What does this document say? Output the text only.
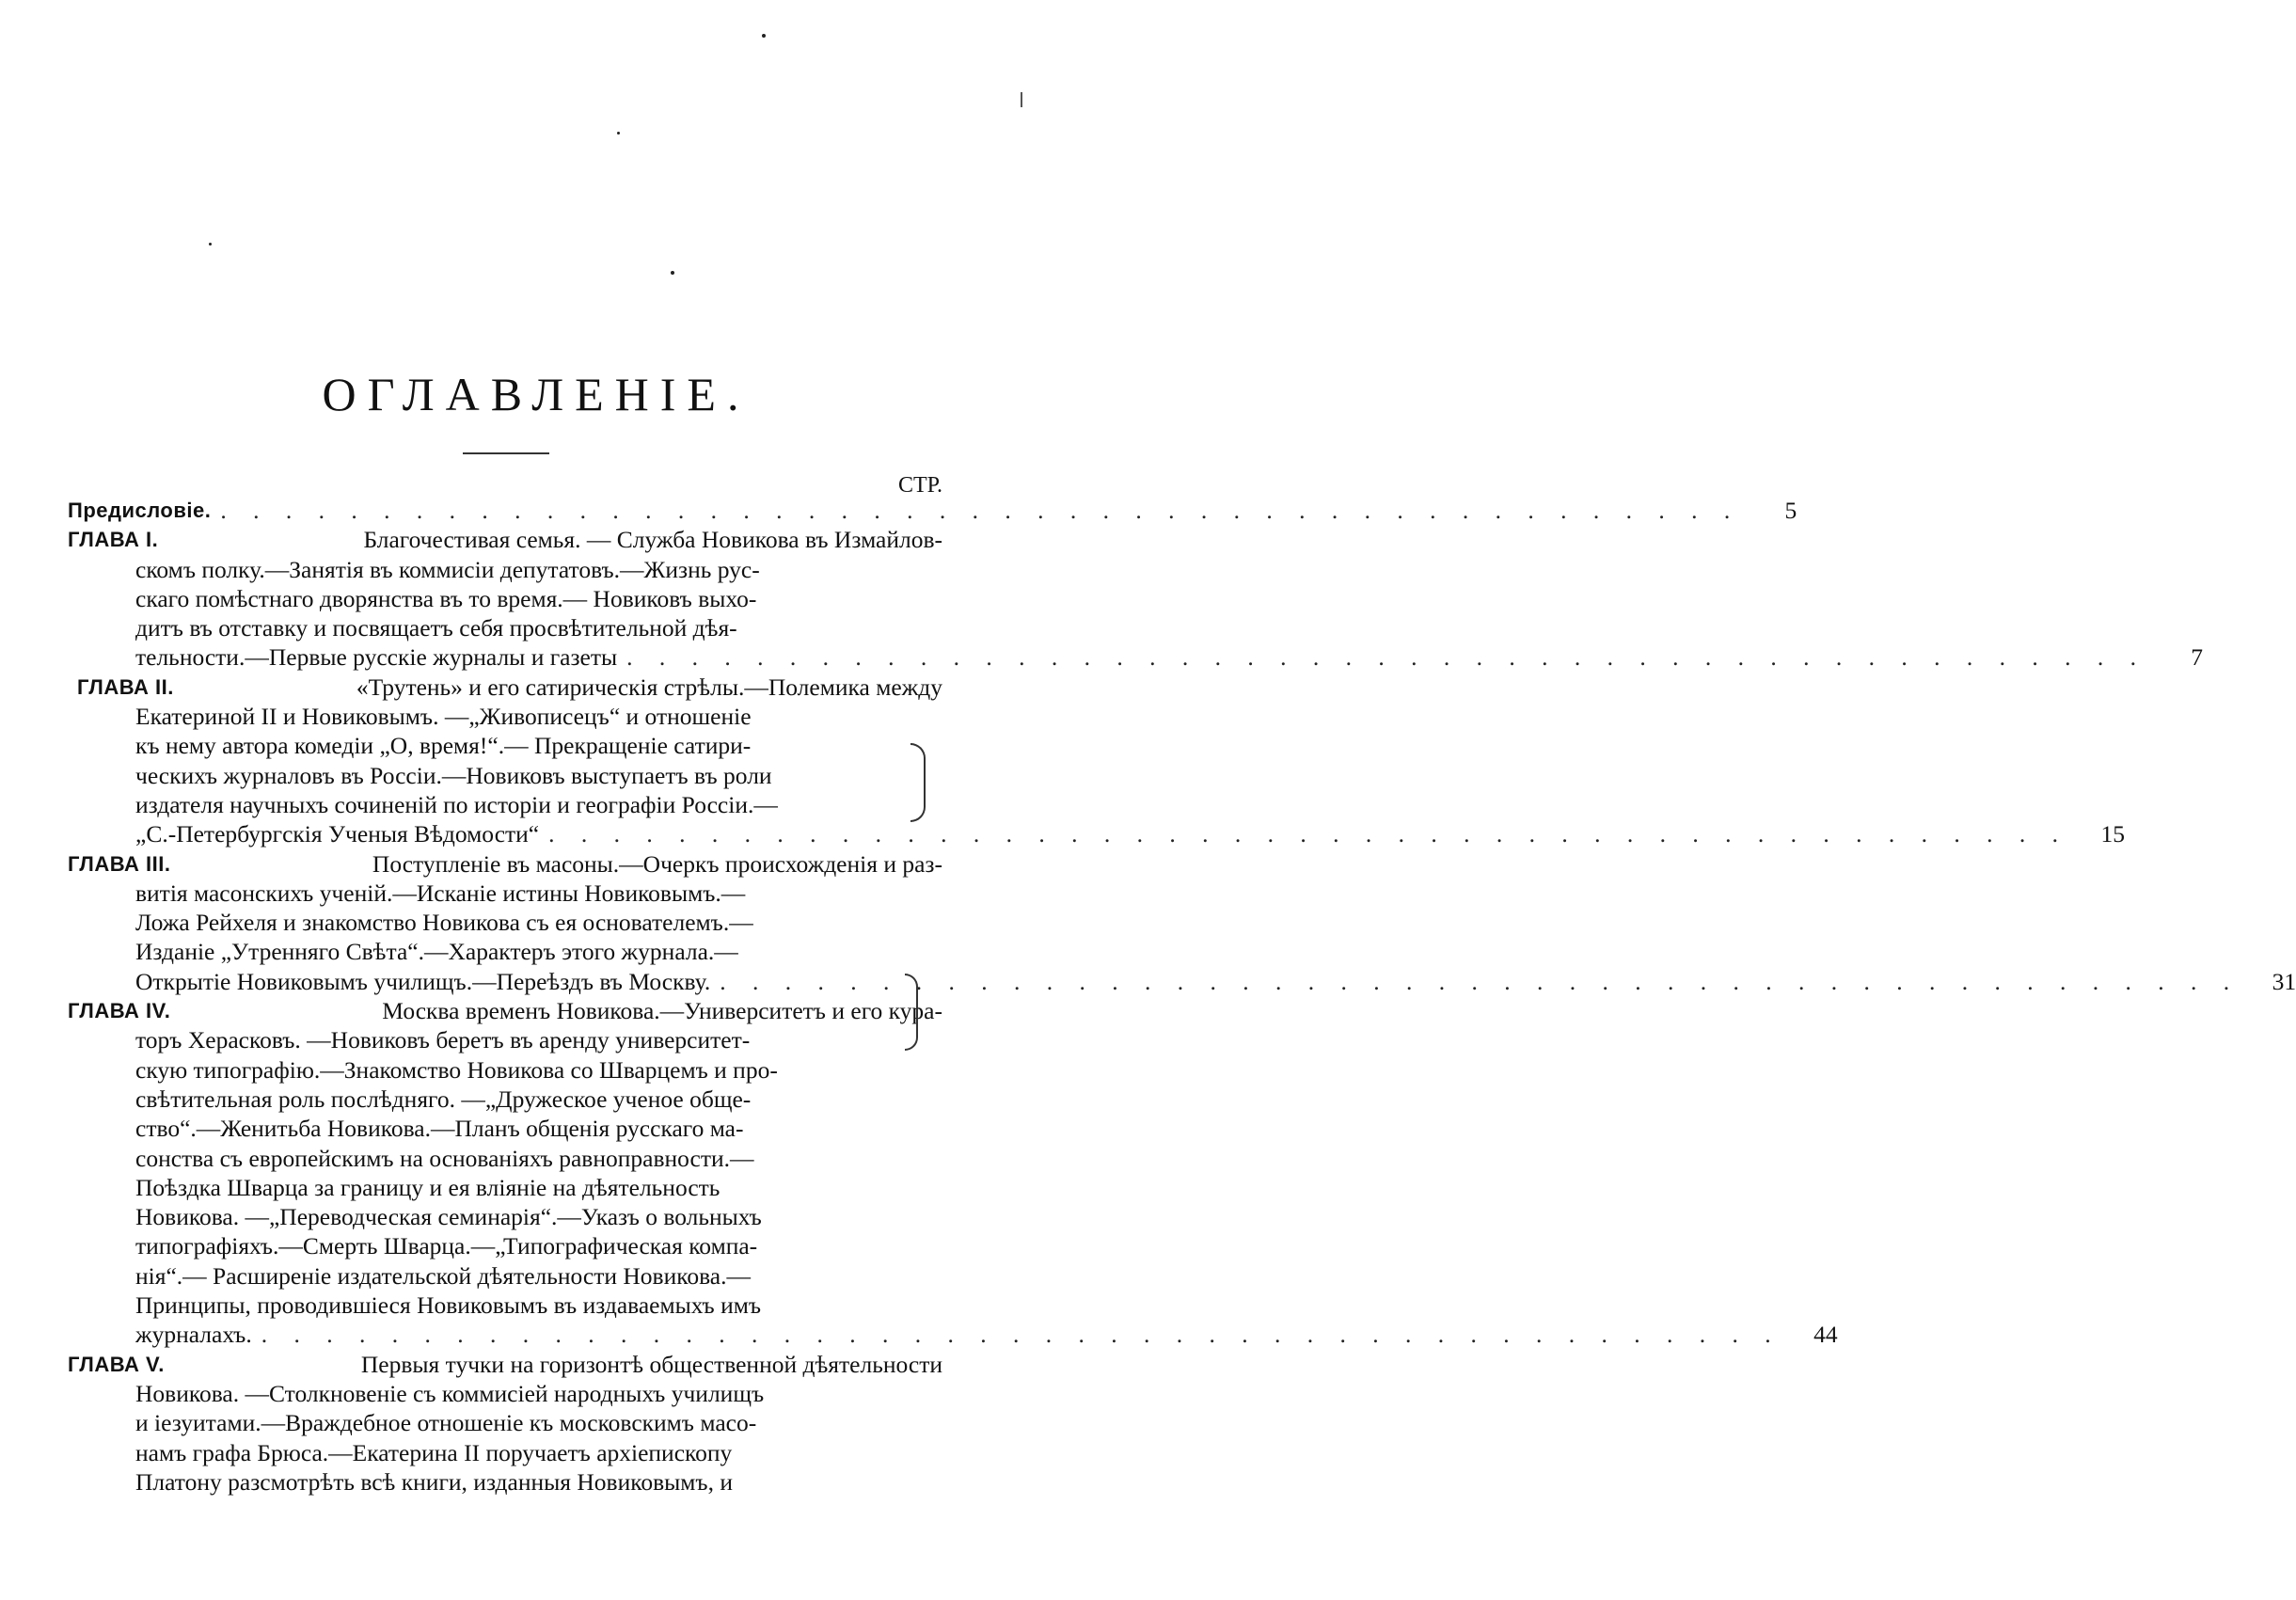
ОГЛАВЛЕНІЕ.
СТР.
Предисловіе. . . . . . . . . . . . . . . . . . . . . . . . . . . . . . . . . . . . . . . . . . . . . . . .	5
ГЛАВА I.	Благочестивая семья. — Служба Новикова въ Измайлов-
скомъ полку.—Занятія въ коммисіи депутатовъ.—Жизнь рус-
скаго помѣстнаго дворянства въ то время.— Новиковъ выхо-
дитъ въ отставку и посвящаетъ себя просвѣтительной дѣя-
тельности.—Первые русскіе журналы и газеты . . . . . . . . . . . . . . . . . . . . . . . . . . . . . . . . . . . . . . . . . . . . . . .	7
ГЛАВА II.	«Трутень» и его сатирическія стрѣлы.—Полемика между
Екатериной II и Новиковымъ. —„Живописецъ“ и отношеніе
къ нему автора комедіи „О, время!“.— Прекращеніе сатири-
ческихъ журналовъ въ Россіи.—Новиковъ выступаетъ въ роли
издателя научныхъ сочиненій по исторіи и географіи Россіи.—
„С.-Петербургскія Ученыя Вѣдомости“ . . . . . . . . . . . . . . . . . . . . . . . . . . . . . . . . . . . . . . . . . . . . . . .	15
ГЛАВА III.	Поступленіе въ масоны.—Очеркъ происхожденія и раз-
витія масонскихъ ученій.—Исканіе истины Новиковымъ.—
Ложа Рейхеля и знакомство Новикова съ ея основателемъ.—
Изданіе „Утренняго Свѣта“.—Характеръ этого журнала.—
Открытіе Новиковымъ училищъ.—Переѣздъ въ Москву. . . . . . . . . . . . . . . . . . . . . . . . . . . . . . . . . . . . . . . . . . . . . . . .	31
ГЛАВА IV.	Москва временъ Новикова.—Университетъ и его кура-
торъ Херасковъ. —Новиковъ беретъ въ аренду университет-
скую типографію.—Знакомство Новикова со Шварцемъ и про-
свѣтительная роль послѣдняго. —„Дружеское ученое обще-
ство“.—Женитьба Новикова.—Планъ общенія русскаго ма-
сонства съ европейскимъ на основаніяхъ равноправности.—
Поѣздка Шварца за границу и ея вліяніе на дѣятельность
Новикова. —„Переводческая семинарія“.—Указъ о вольныхъ
типографіяхъ.—Смерть Шварца.—„Типографическая компа-
нія“.— Расширеніе издательской дѣятельности Новикова.—
Принципы, проводившіеся Новиковымъ въ издаваемыхъ имъ
журналахъ. . . . . . . . . . . . . . . . . . . . . . . . . . . . . . . . . . . . . . . . . . . . . . . .	44
ГЛАВА V.	Первыя тучки на горизонтѣ общественной дѣятельности
Новикова. —Столкновеніе съ коммисіей народныхъ училищъ
и іезуитами.—Враждебное отношеніе къ московскимъ масо-
намъ графа Брюса.—Екатерина II поручаетъ архіепископу
Платону разсмотрѣть всѣ книги, изданныя Новиковымъ, и
